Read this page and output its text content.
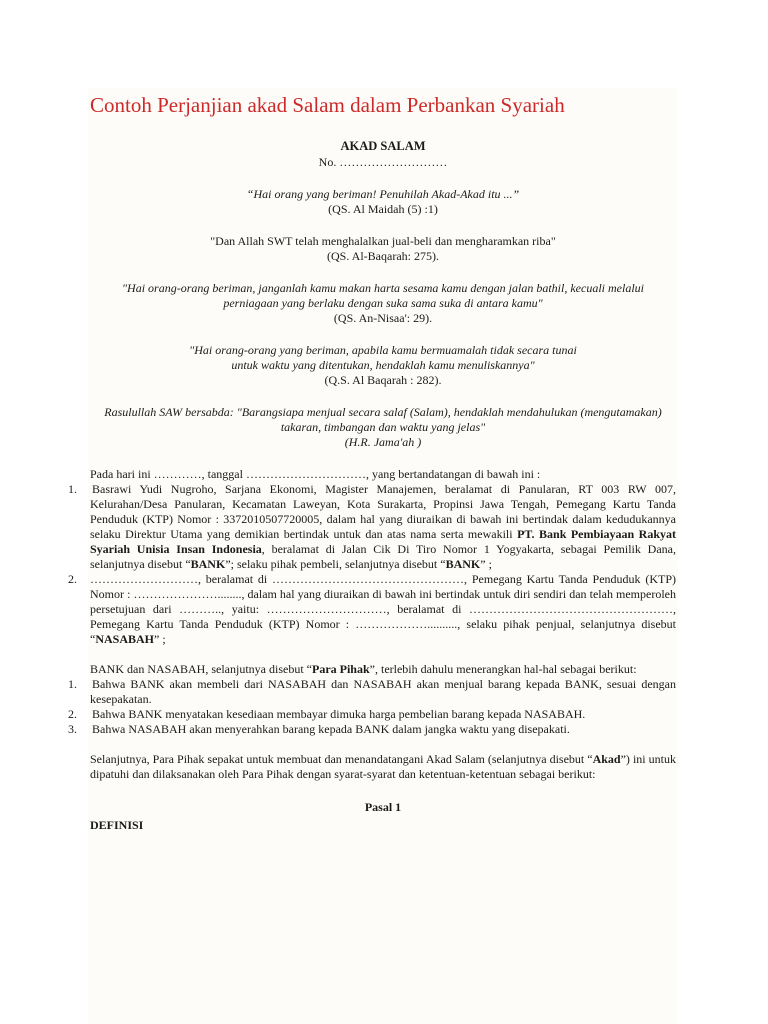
Contoh Perjanjian akad Salam dalam Perbankan Syariah
AKAD SALAM
No. ………………………
“Hai orang yang beriman! Penuhilah Akad-Akad itu ...”
(QS. Al Maidah (5) :1)
"Dan Allah SWT telah menghalalkan jual-beli dan mengharamkan riba"
(QS. Al-Baqarah: 275).
"Hai orang-orang beriman, janganlah kamu makan harta sesama kamu dengan jalan bathil, kecuali melalui
perniagaan yang berlaku dengan suka sama suka di antara kamu"
(QS. An-Nisaa': 29).
"Hai orang-orang yang beriman, apabila kamu bermuamalah tidak secara tunai
untuk waktu yang ditentukan, hendaklah kamu menuliskannya"
(Q.S. Al Baqarah : 282).
Rasulullah SAW bersabda: "Barangsiapa menjual secara salaf (Salam), hendaklah mendahulukan (mengutamakan)
takaran, timbangan dan waktu yang jelas"
(H.R. Jama'ah )
Pada hari ini …………, tanggal …………………………, yang bertandatangan di bawah ini :
1. Basrawi Yudi Nugroho, Sarjana Ekonomi, Magister Manajemen, beralamat di Panularan, RT 003 RW 007, Kelurahan/Desa Panularan, Kecamatan Laweyan, Kota Surakarta, Propinsi Jawa Tengah, Pemegang Kartu Tanda Penduduk (KTP) Nomor : 3372010507720005, dalam hal yang diuraikan di bawah ini bertindak dalam kedudukannya selaku Direktur Utama yang demikian bertindak untuk dan atas nama serta mewakili PT. Bank Pembiayaan Rakyat Syariah Unisia Insan Indonesia, beralamat di Jalan Cik Di Tiro Nomor 1 Yogyakarta, sebagai Pemilik Dana, selanjutnya disebut “BANK”; selaku pihak pembeli, selanjutnya disebut “BANK” ;
2. ………………………, beralamat di …………………………………………, Pemegang Kartu Tanda Penduduk (KTP) Nomor : …………………........, dalam hal yang diuraikan di bawah ini bertindak untuk diri sendiri dan telah memperoleh persetujuan dari ……….., yaitu: …………………………, beralamat di ……………………………………………, Pemegang Kartu Tanda Penduduk (KTP) Nomor : ……………….........., selaku pihak penjual, selanjutnya disebut “NASABAH” ;
BANK dan NASABAH, selanjutnya disebut “Para Pihak”, terlebih dahulu menerangkan hal-hal sebagai berikut:
1. Bahwa BANK akan membeli dari NASABAH dan NASABAH akan menjual barang kepada BANK, sesuai dengan kesepakatan.
2. Bahwa BANK menyatakan kesediaan membayar dimuka harga pembelian barang kepada NASABAH.
3. Bahwa NASABAH akan menyerahkan barang kepada BANK dalam jangka waktu yang disepakati.
Selanjutnya, Para Pihak sepakat untuk membuat dan menandatangani Akad Salam (selanjutnya disebut “Akad”) ini untuk dipatuhi dan dilaksanakan oleh Para Pihak dengan syarat-syarat dan ketentuan-ketentuan sebagai berikut:
Pasal 1
DEFINISI
